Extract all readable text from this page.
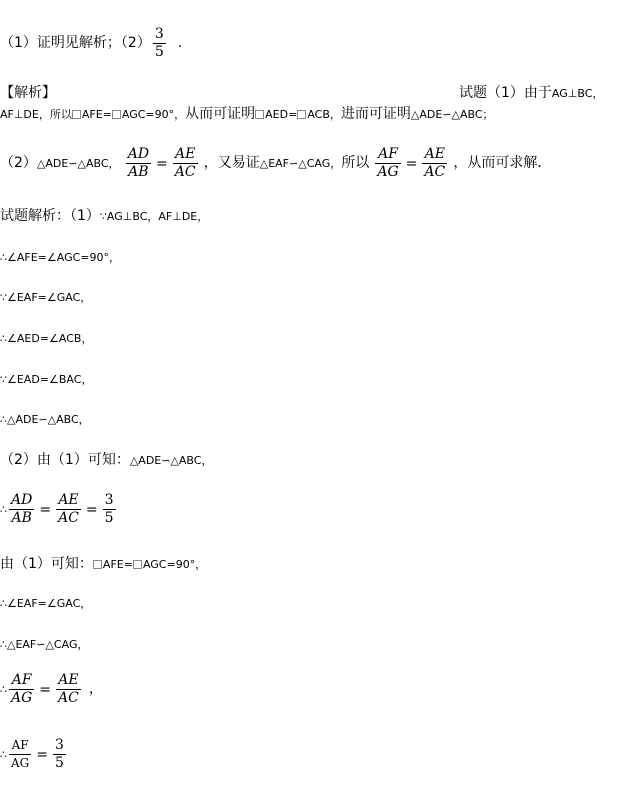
（1）证明见解析；$(2) \frac{3}{5}$ .
【解析】	试题（1）由于AG⊥BC，
AF⊥DE，所以 AFE= AGC=90°，从而可证明 AED= ACB，进而可证明△ADE∽△ABC；
（2）△ADE∽△ABC， $\frac{AD}{AB} = \frac{AE}{AC}$ ，又易证△EAF∽△CAG，所以 $\frac{AF}{AG} = \frac{AE}{AC}$ ，从而可求解．
试题解析：（1）∵AG⊥BC，AF⊥DE，
∴∠AFE=∠AGC=90°，
∵∠EAF=∠GAC，
∴∠AED=∠ACB，
∵∠EAD=∠BAC，
∴△ADE∽△ABC，
（2）由（1）可知：△ADE∽△ABC，
∴ $\frac{AD}{AB} = \frac{AE}{AC} = \frac{3}{5}$
由（1）可知： AFE= AGC=90°，
∴∠EAF=∠GAC，
∴△EAF∽△CAG，
∴ $\frac{AF}{AG} = \frac{AE}{AC}$ ，
∴ $\frac{AF}{AG} = \frac{3}{5}$
